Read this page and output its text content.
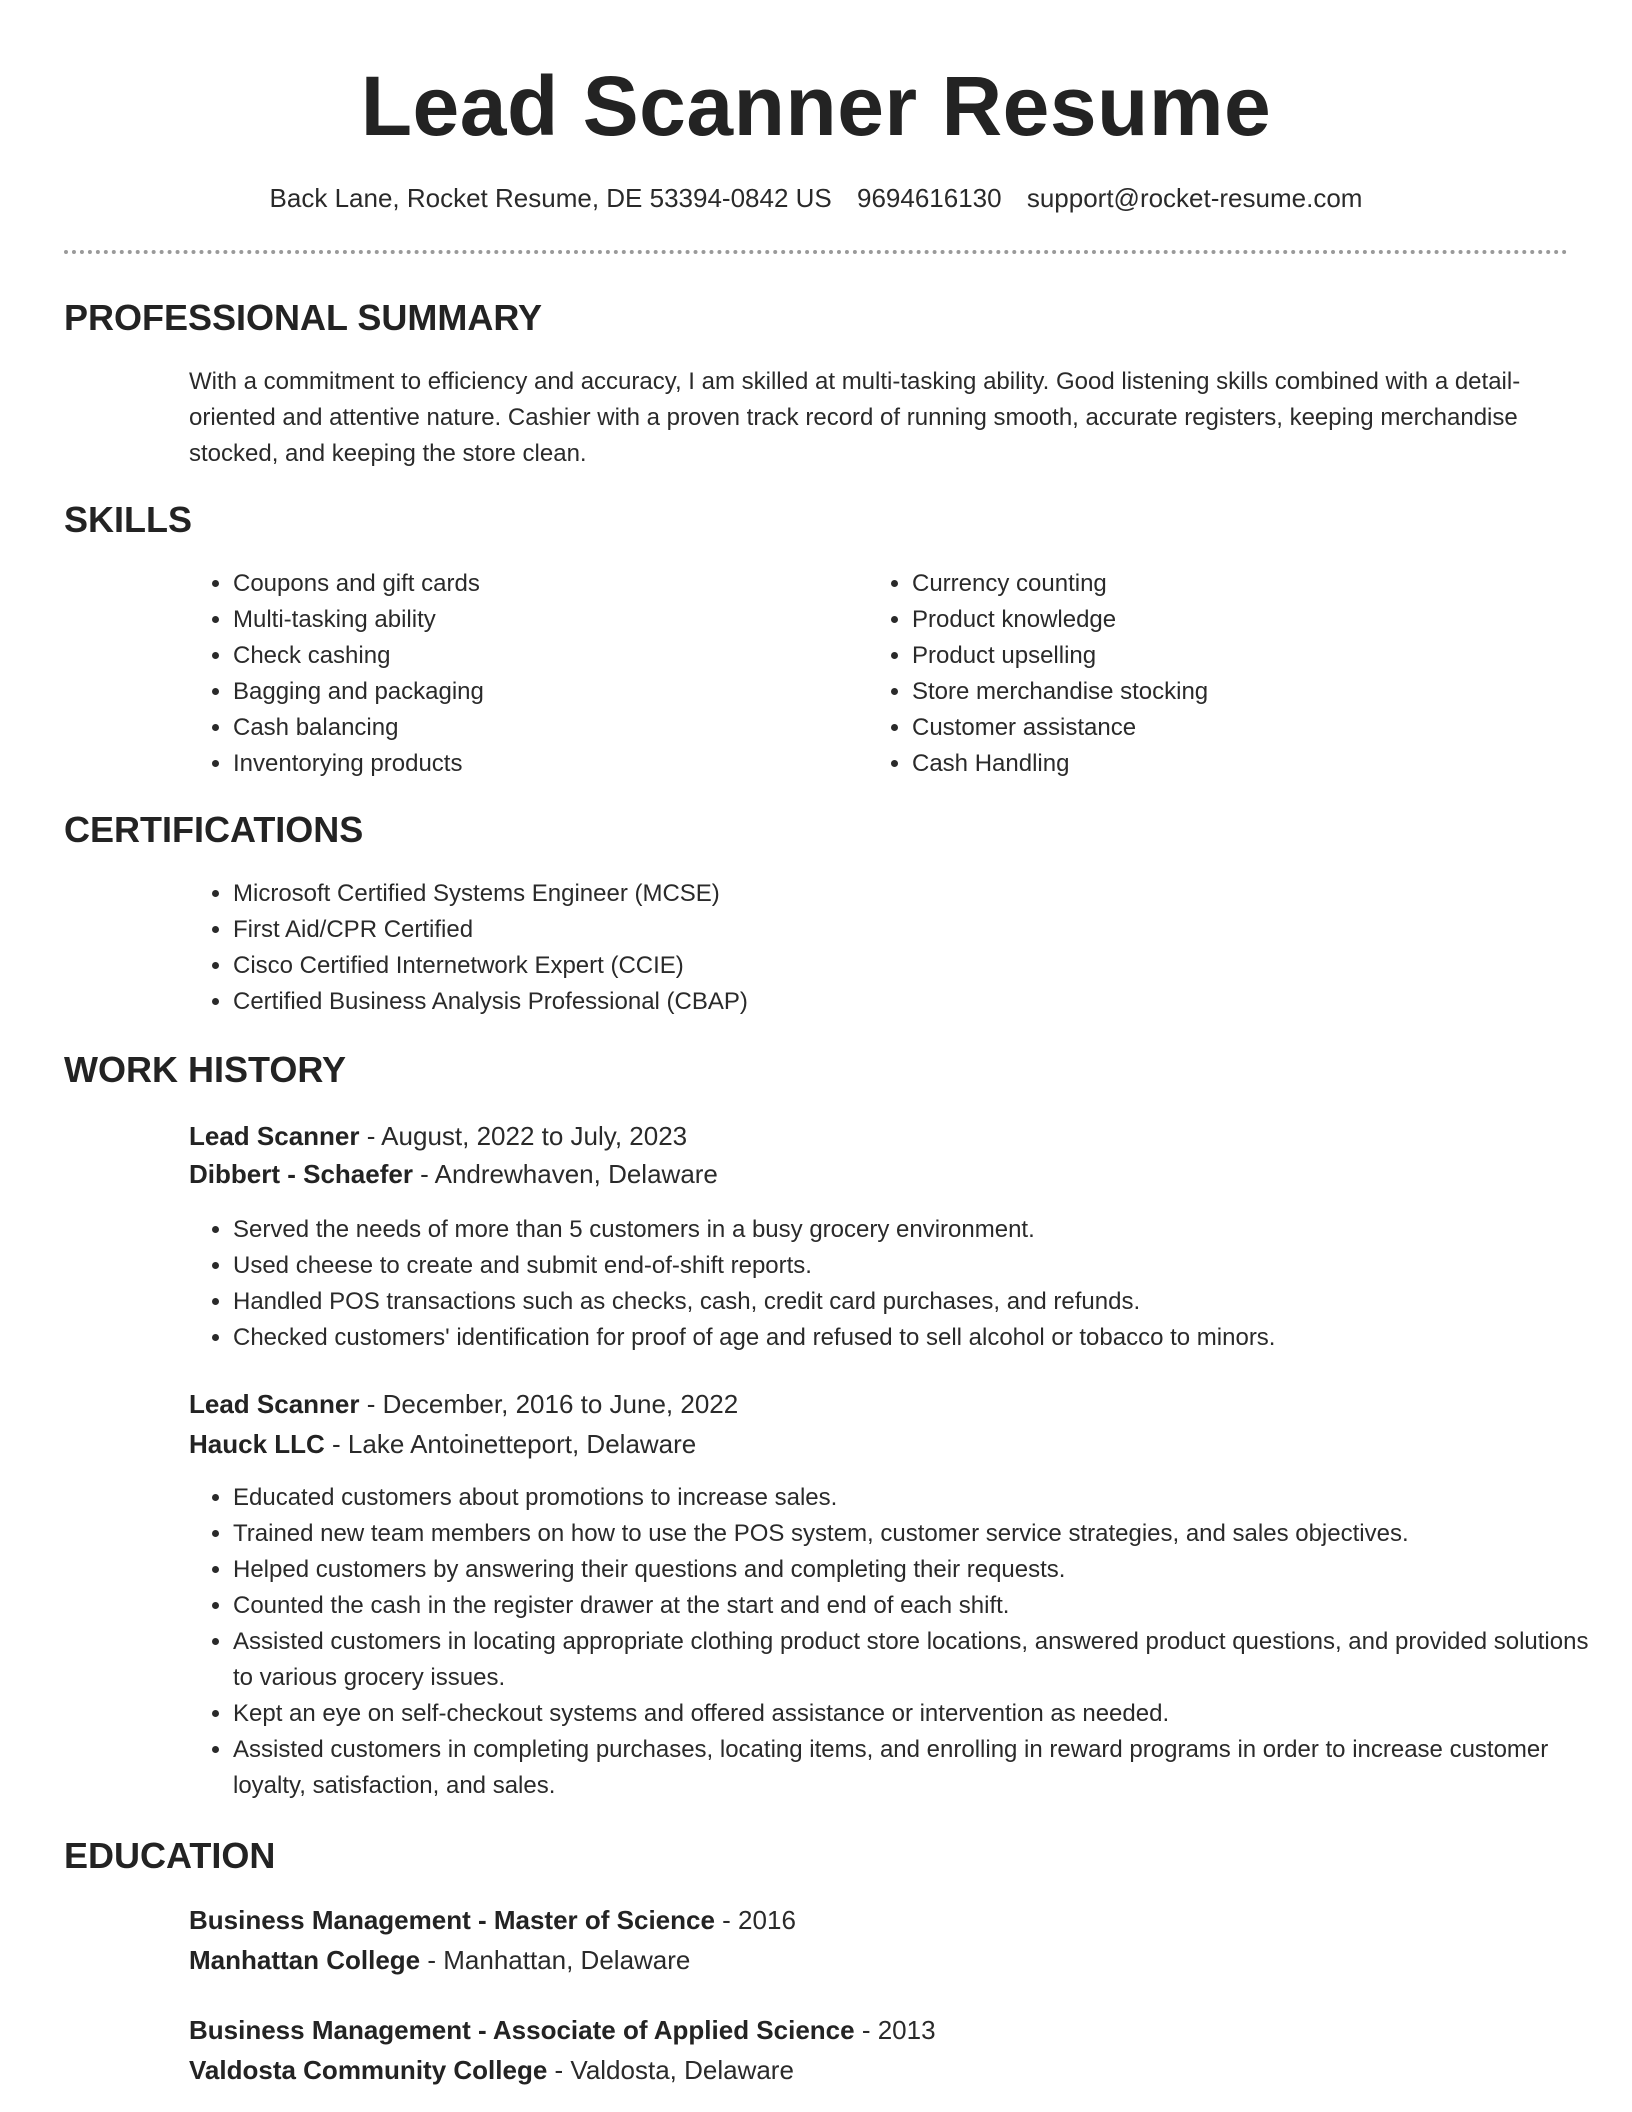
Lead Scanner Resume
Back Lane, Rocket Resume, DE 53394-0842 US 9694616130 support@rocket-resume.com
PROFESSIONAL SUMMARY

With a commitment to efficiency and accuracy, I am skilled at multi-tasking ability. Good listening skills combined with a detail-oriented and attentive nature. Cashier with a proven track record of running smooth, accurate registers, keeping merchandise stocked, and keeping the store clean.

SKILLS
• Coupons and gift cards
• Multi-tasking ability
• Check cashing
• Bagging and packaging
• Cash balancing
• Inventorying products
• Currency counting
• Product knowledge
• Product upselling
• Store merchandise stocking
• Customer assistance
• Cash Handling
CERTIFICATIONS
• Microsoft Certified Systems Engineer (MCSE)
• First Aid/CPR Certified
• Cisco Certified Internetwork Expert (CCIE)
• Certified Business Analysis Professional (CBAP)
WORK HISTORY

Lead Scanner - August, 2022 to July, 2023

Dibbert - Schaefer - Andrewhaven, Delaware

• Served the needs of more than 5 customers in a busy grocery environment.
• Used cheese to create and submit end-of-shift reports.
• Handled POS transactions such as checks, cash, credit card purchases, and refunds.
• Checked customers' identification for proof of age and refused to sell alcohol or tobacco to minors.

Lead Scanner - December, 2016 to June, 2022

Hauck LLC - Lake Antoinetteport, Delaware

• Educated customers about promotions to increase sales.
• Trained new team members on how to use the POS system, customer service strategies, and sales objectives.
• Helped customers by answering their questions and completing their requests.
• Counted the cash in the register drawer at the start and end of each shift.
• Assisted customers in locating appropriate clothing product store locations, answered product questions, and provided solutions to various grocery issues.
• Kept an eye on self-checkout systems and offered assistance or intervention as needed.
• Assisted customers in completing purchases, locating items, and enrolling in reward programs in order to increase customer loyalty, satisfaction, and sales.
EDUCATION

Business Management - Master of Science - 2016

Manhattan College - Manhattan, Delaware

Business Management - Associate of Applied Science - 2013

Valdosta Community College - Valdosta, Delaware
